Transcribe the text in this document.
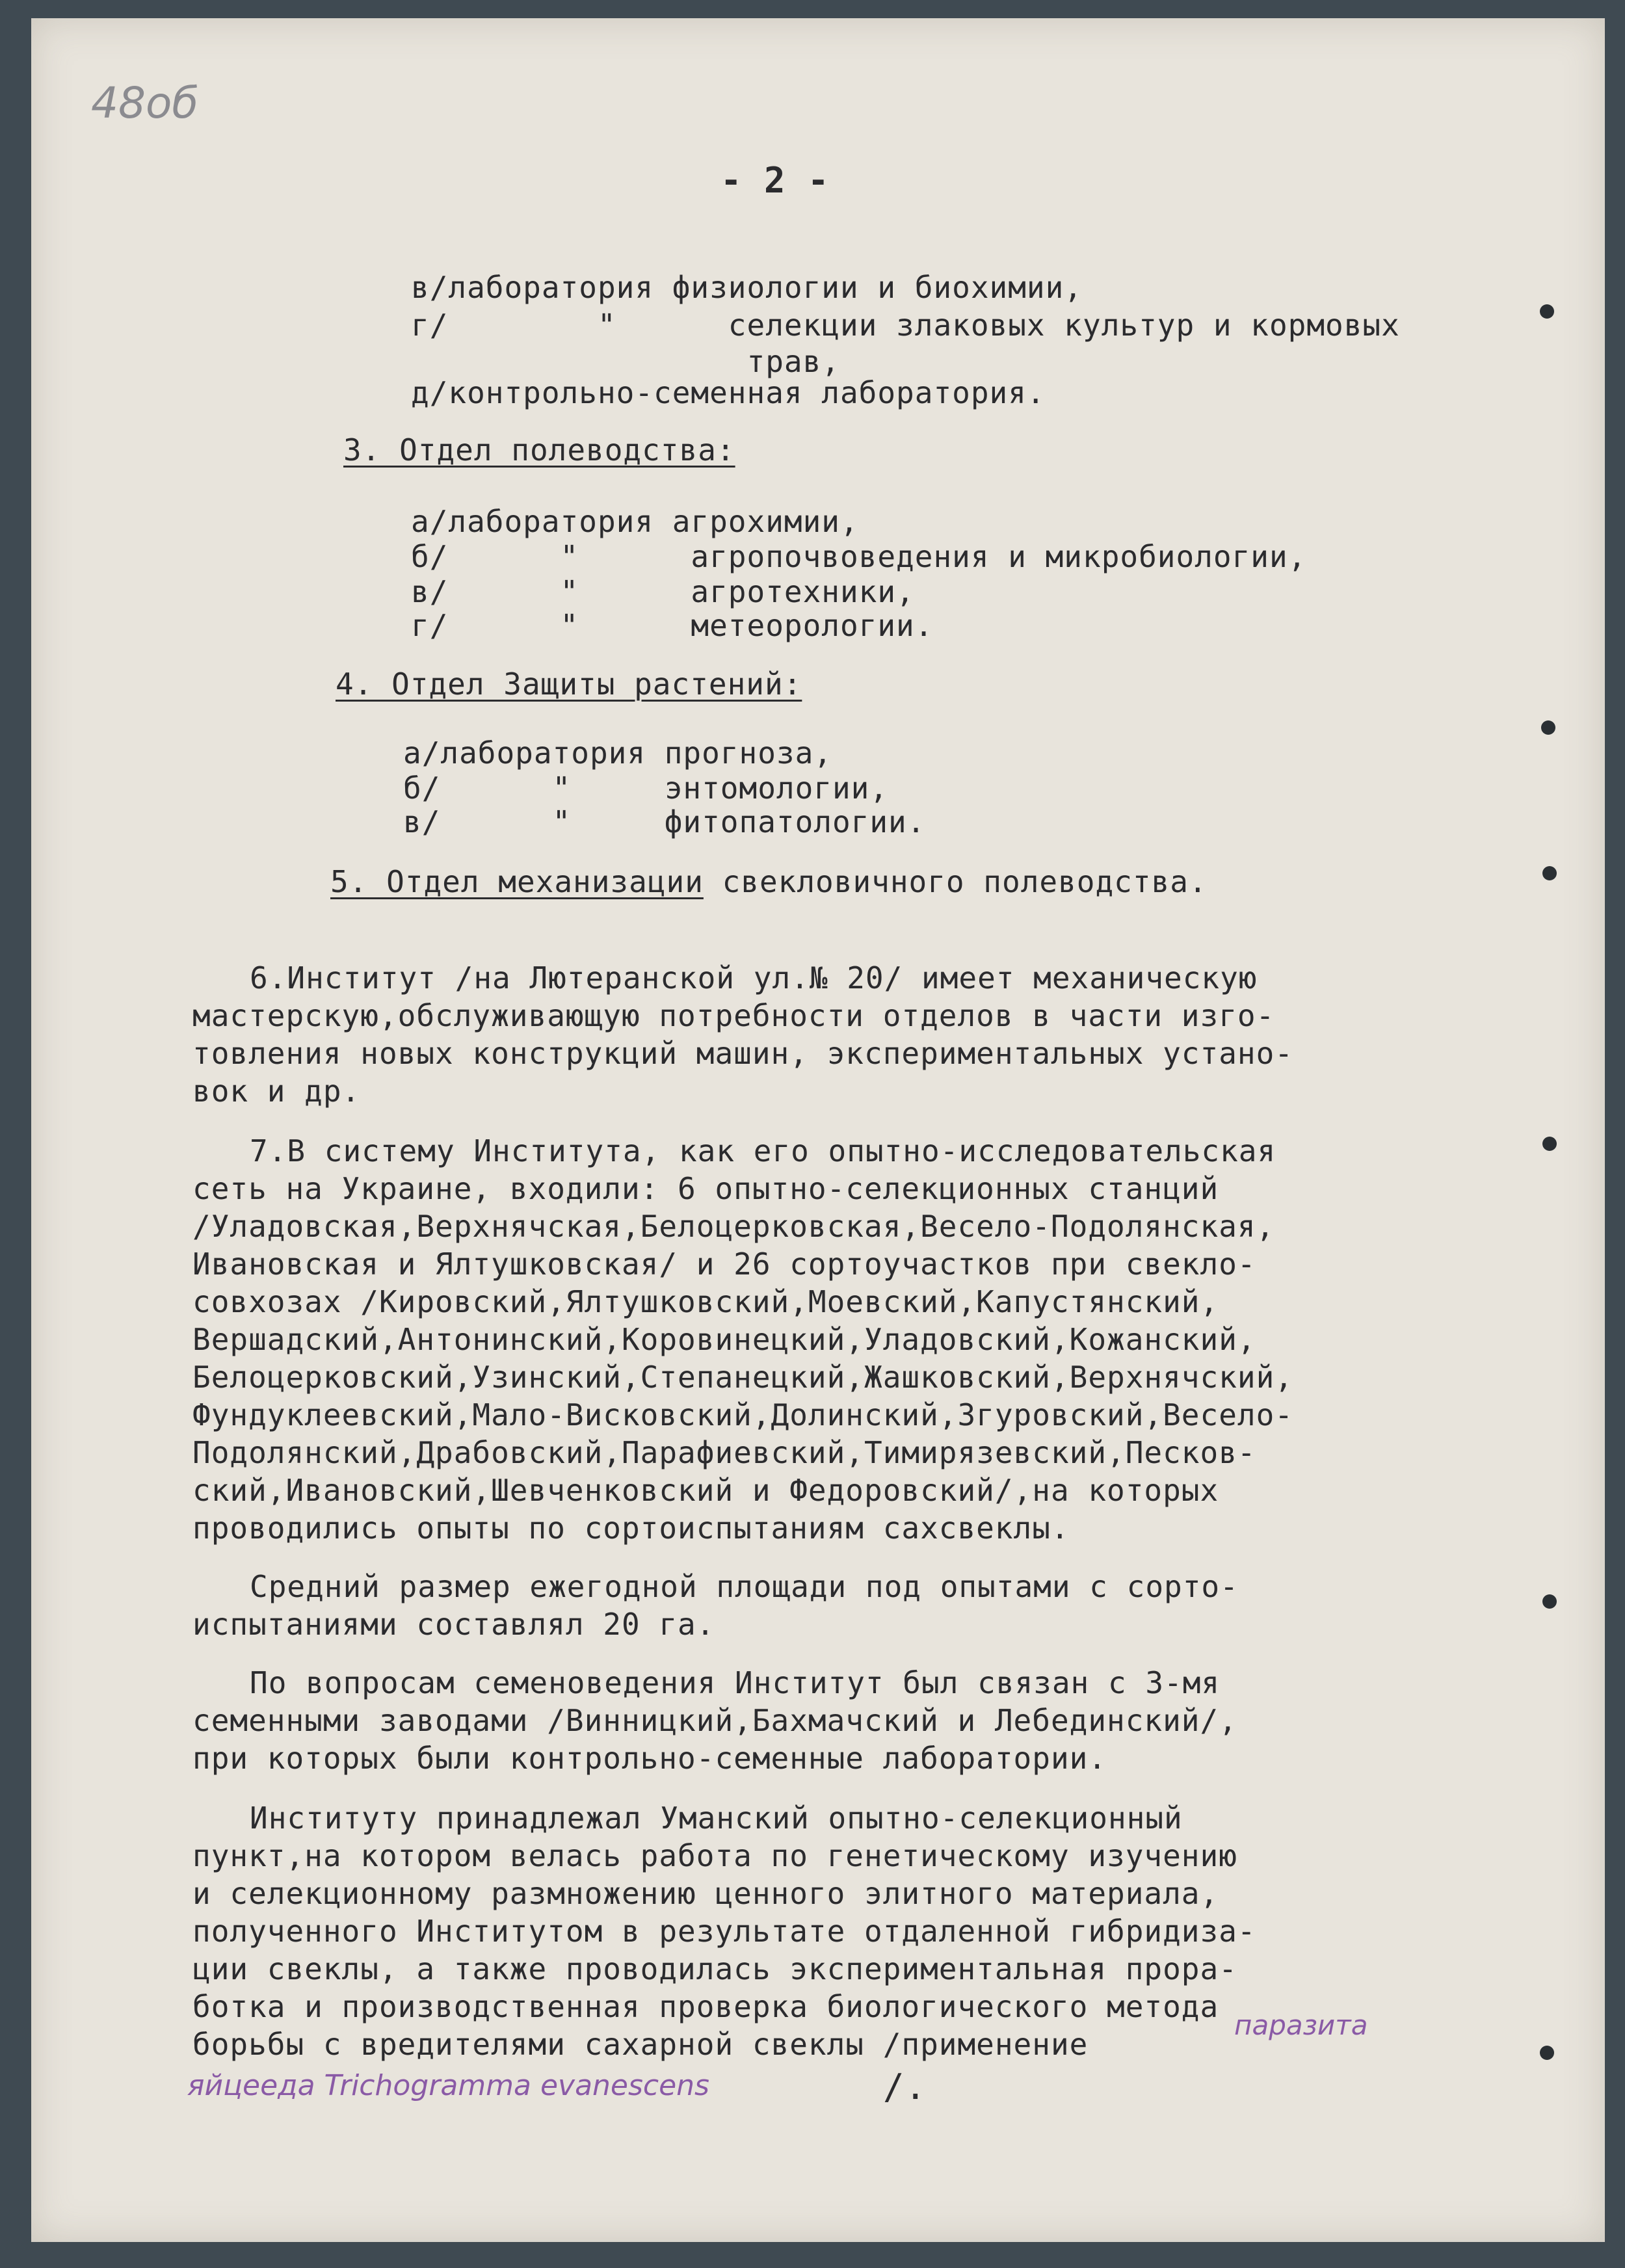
48об
- 2 -
в/лаборатория физиологии и биохимии,
г/        "      селекции злаковых культур и кормовых
трав,
д/контрольно-семенная лаборатория.
3. Отдел полеводства:
а/лаборатория агрохимии,
б/      "      агропочвоведения и микробиологии,
в/      "      агротехники,
г/      "      метеорологии.
4. Отдел Защиты растений:
а/лаборатория прогноза,
б/      "     энтомологии,
в/      "     фитопатологии.
5. Отдел механизации свекловичного полеводства.
6.Институт /на Лютеранской ул.№ 20/ имеет механическую
мастерскую,обслуживающую потребности отделов в части изго-
товления новых конструкций машин, экспериментальных устано-
вок и др.
7.В систему Института, как его опытно-исследовательская
сеть на Украине, входили: 6 опытно-селекционных станций
/Уладовская,Верхнячская,Белоцерковская,Весело-Подолянская,
Ивановская и Ялтушковская/ и 26 сортоучастков при свекло-
совхозах /Кировский,Ялтушковский,Моевский,Капустянский,
Вершадский,Антонинский,Коровинецкий,Уладовский,Кожанский,
Белоцерковский,Узинский,Степанецкий,Жашковский,Верхнячский,
Фундуклеевский,Мало-Висковский,Долинский,Згуровский,Весело-
Подолянский,Драбовский,Парафиевский,Тимирязевский,Песков-
ский,Ивановский,Шевченковский и Федоровский/,на которых
проводились опыты по сортоиспытаниям сахсвеклы.
Средний размер ежегодной площади под опытами с сорто-
испытаниями составлял 20 га.
По вопросам семеноведения Институт был связан с 3-мя
семенными заводами /Винницкий,Бахмачский и Лебединский/,
при которых были контрольно-семенные лаборатории.
Институту принадлежал Уманский опытно-селекционный
пункт,на котором велась работа по генетическому изучению
и селекционному размножению ценного элитного материала,
полученного Институтом в результате отдаленной гибридиза-
ции свеклы, а также проводилась экспериментальная прора-
ботка и производственная проверка биологического метода
борьбы с вредителями сахарной свеклы /применение
паразита
яйцееда Trichogramma evanescens	/.
